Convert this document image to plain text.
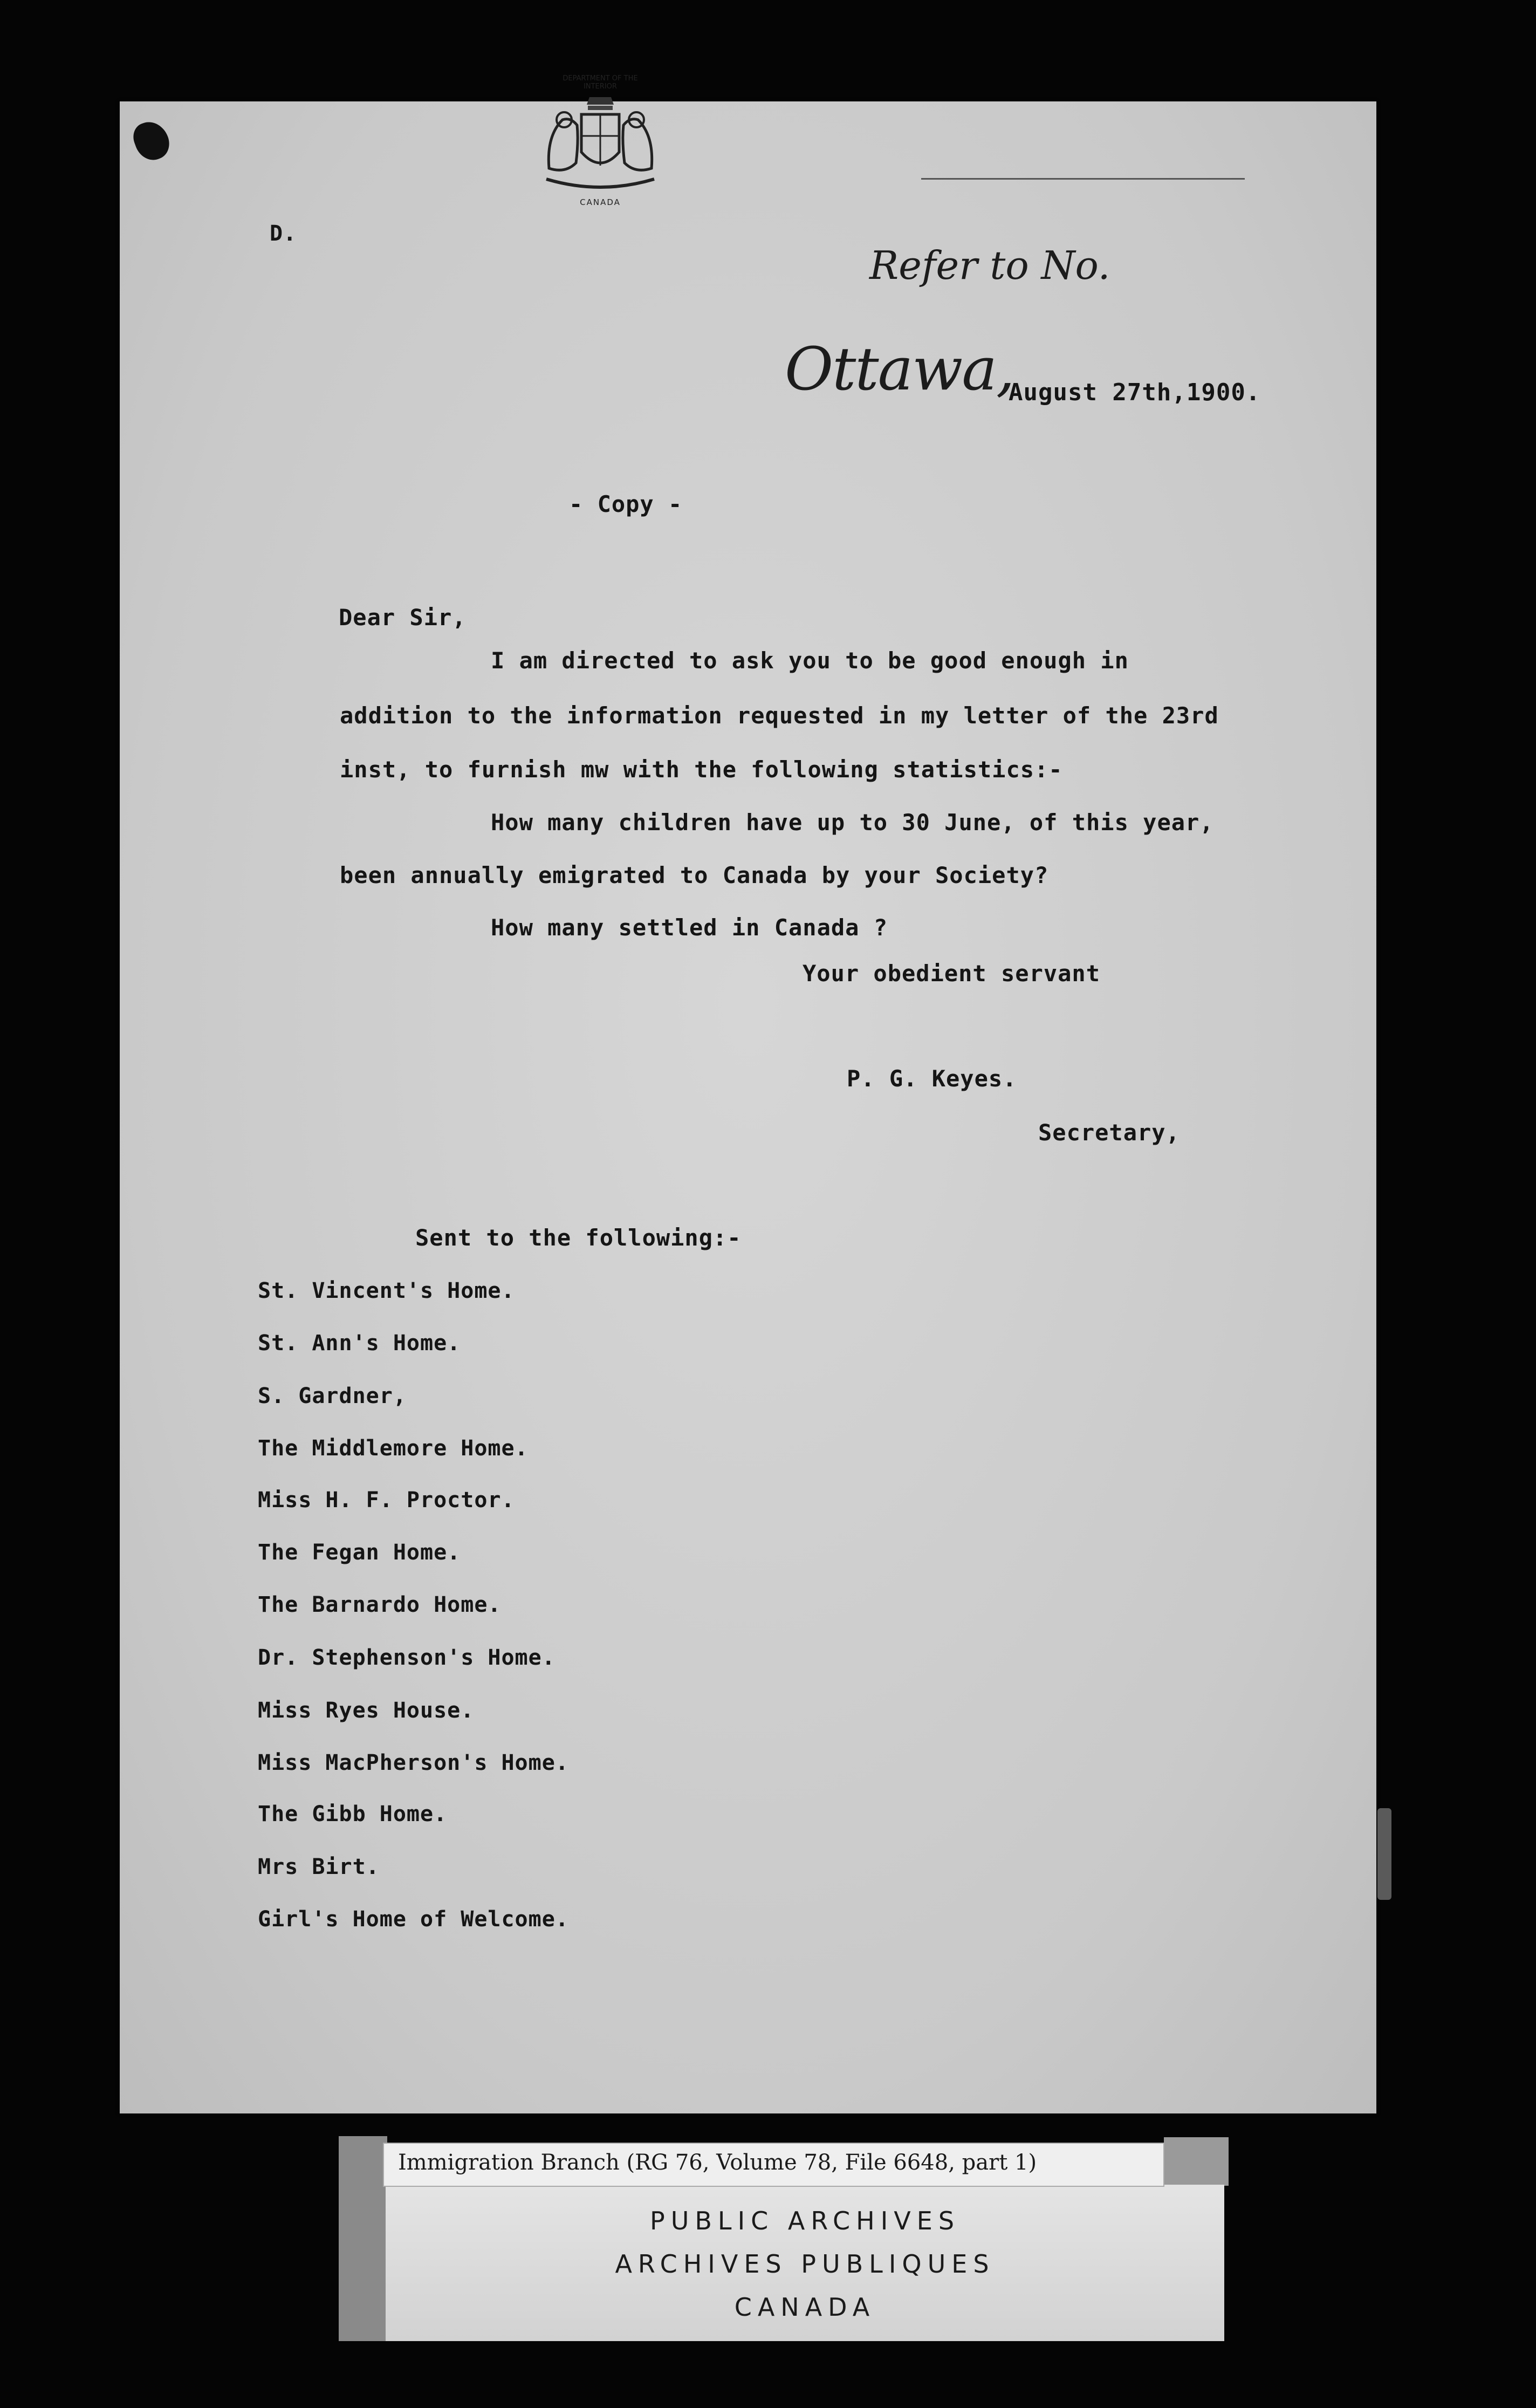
D.
DEPARTMENT OF THE INTERIOR
CANADA
Refer to No.
Ottawa,
August 27th,1900.
- Copy -
Dear Sir,
I am directed to ask you to be good enough in
addition to the information requested in my letter of the 23rd
inst, to furnish mw with the following statistics:-
How many children have up to 30 June, of this year,
been annually emigrated to Canada by your Society?
How many settled in Canada ?
Your obedient servant
P. G. Keyes.
Secretary,
Sent to the following:-
St. Vincent's Home.
St. Ann's Home.
S. Gardner,
The Middlemore Home.
Miss H. F. Proctor.
The Fegan Home.
The Barnardo Home.
Dr. Stephenson's Home.
Miss Ryes House.
Miss MacPherson's Home.
The Gibb Home.
Mrs Birt.
Girl's Home of Welcome.
PUBLIC ARCHIVES
ARCHIVES PUBLIQUES
CANADA
Immigration Branch (RG 76, Volume 78, File 6648, part 1)
